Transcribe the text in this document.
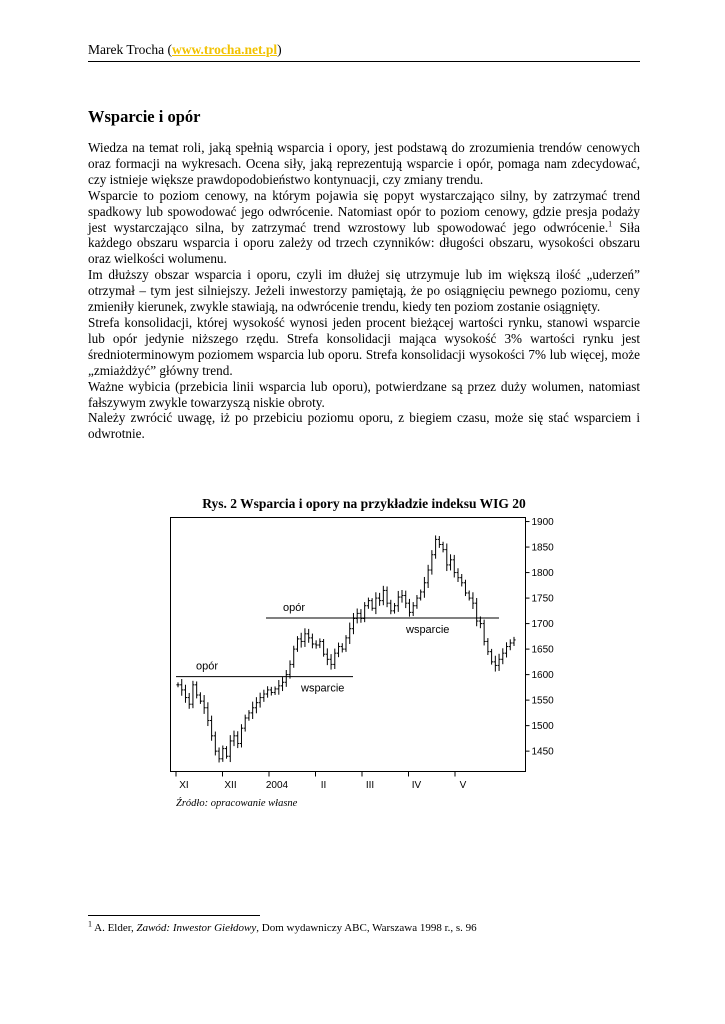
Marek Trocha (www.trocha.net.pl)
Wsparcie i opór

Wiedza na temat roli, jaką spełnią wsparcia i opory, jest podstawą do zrozumienia trendów cenowych oraz formacji na wykresach. Ocena siły, jaką reprezentują wsparcie i opór, pomaga nam zdecydować, czy istnieje większe prawdopodobieństwo kontynuacji, czy zmiany trendu.

Wsparcie to poziom cenowy, na którym pojawia się popyt wystarczająco silny, by zatrzymać trend spadkowy lub spowodować jego odwrócenie. Natomiast opór to poziom cenowy, gdzie presja podaży jest wystarczająco silna, by zatrzymać trend wzrostowy lub spowodować jego odwrócenie.$^1$ Siła każdego obszaru wsparcia i oporu zależy od trzech czynników: długości obszaru, wysokości obszaru oraz wielkości wolumenu.

Im dłuższy obszar wsparcia i oporu, czyli im dłużej się utrzymuje lub im większą ilość „uderzeń” otrzymał – tym jest silniejszy. Jeżeli inwestorzy pamiętają, że po osiągnięciu pewnego poziomu, ceny zmieniły kierunek, zwykle stawiają, na odwrócenie trendu, kiedy ten poziom zostanie osiągnięty.

Strefa konsolidacji, której wysokość wynosi jeden procent bieżącej wartości rynku, stanowi wsparcie lub opór jedynie niższego rzędu. Strefa konsolidacji mająca wysokość 3% wartości rynku jest średnioterminowym poziomem wsparcia lub oporu. Strefa konsolidacji wysokości 7% lub więcej, może „zmiażdżyć” główny trend.

Ważne wybicia (przebicia linii wsparcia lub oporu), potwierdzane są przez duży wolumen, natomiast fałszywym zwykle towarzyszą niskie obroty.

Należy zwrócić uwagę, iż po przebiciu poziomu oporu, z biegiem czasu, może się stać wsparciem i odwrotnie.

Rys. 2 Wsparcia i opory na przykładzie indeksu WIG 20
opór
wsparcie
opór
wsparcie
1450
1500
1550
1600
1650
1700
1750
1800
1850
1900
XI	XII	2004	II	III	IV	V
Źródło: opracowanie własne
$^1$ A. Elder, Zawód: Inwestor Giełdowy, Dom wydawniczy ABC, Warszawa 1998 r., s. 96
